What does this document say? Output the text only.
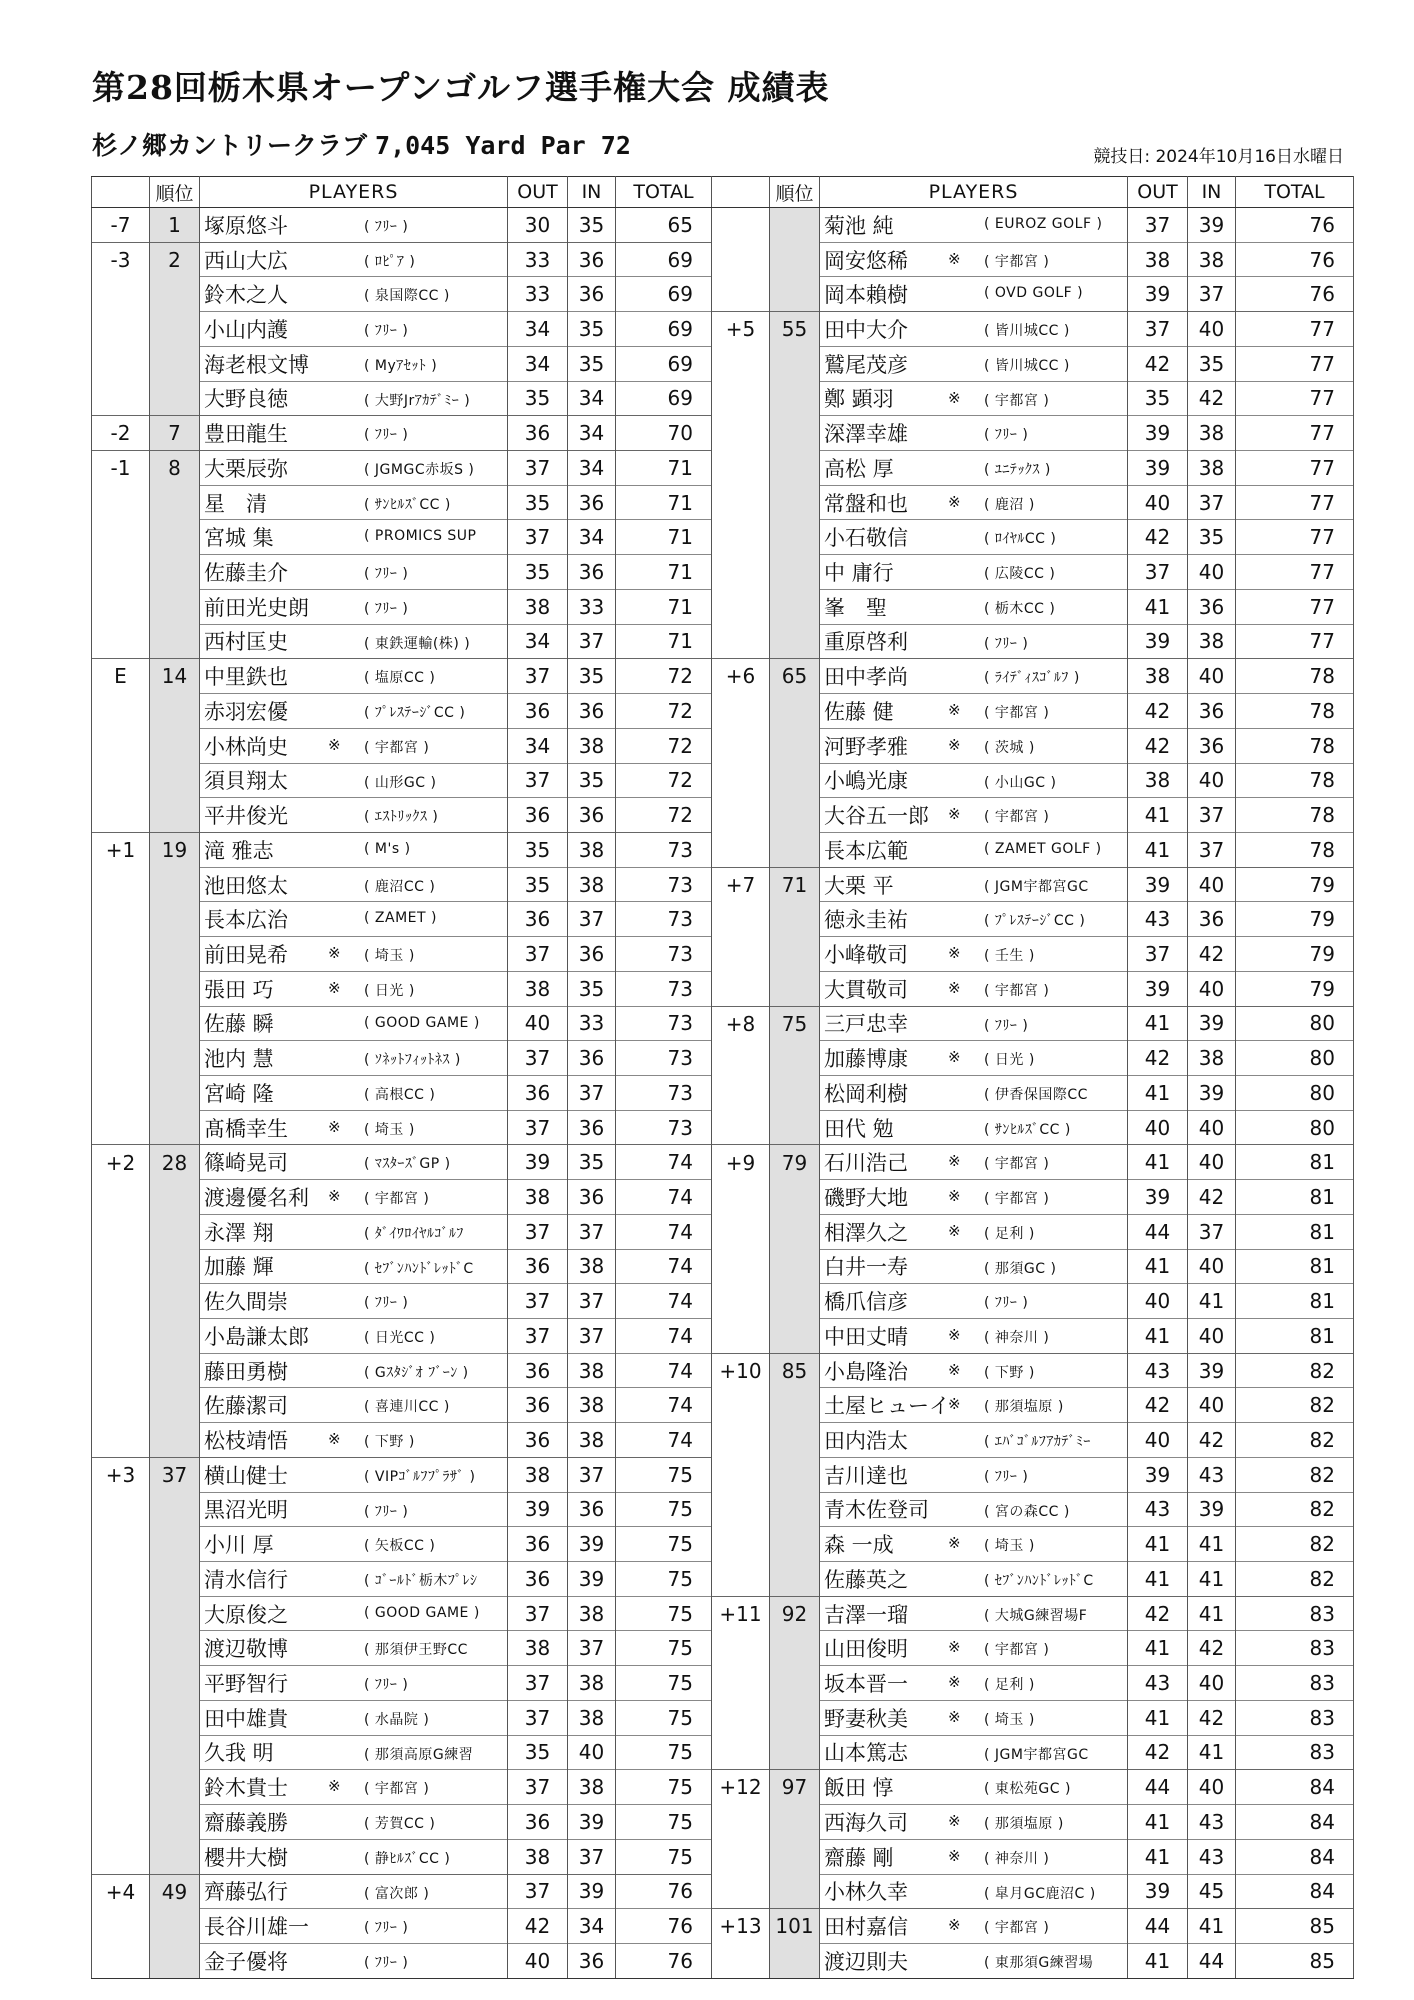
第28回栃木県オープンゴルフ選手権大会 成績表
杉ノ郷カントリークラブ 7,045 Yard Par 72	競技日: 2024年10月16日水曜日
	順位	PLAYERS	OUT	IN	TOTAL		順位	PLAYERS	OUT	IN	TOTAL
-7	1	塚原悠斗 ( ﾌﾘｰ )	30	35	65			菊池 純 ( EUROZ GOLF )	37	39	76
-3	2	西山大広 ( ﾛﾋﾟｱ )	33	36	69			岡安悠稀 ※ ( 宇都宮 )	38	38	76
		鈴木之人 ( 泉国際CC )	33	36	69			岡本賴樹 ( OVD GOLF )	39	37	76
		小山内護 ( ﾌﾘｰ )	34	35	69	+5	55	田中大介 ( 皆川城CC )	37	40	77
		海老根文博 ( Myｱｾｯﾄ )	34	35	69			鷲尾茂彦 ( 皆川城CC )	42	35	77
		大野良徳 ( 大野Jrｱｶﾃﾞﾐｰ )	35	34	69			鄭 顕羽 ※ ( 宇都宮 )	35	42	77
-2	7	豊田龍生 ( ﾌﾘｰ )	36	34	70			深澤幸雄 ( ﾌﾘｰ )	39	38	77
-1	8	大栗辰弥 ( JGMGC赤坂S )	37	34	71			高松 厚 ( ﾕﾆﾃｯｸｽ )	39	38	77
		星　清 ( ｻﾝﾋﾙｽﾞCC )	35	36	71			常盤和也 ※ ( 鹿沼 )	40	37	77
		宮城 集 ( PROMICS SUP	37	34	71			小石敬信 ( ﾛｲﾔﾙCC )	42	35	77
		佐藤圭介 ( ﾌﾘｰ )	35	36	71			中 庸行 ( 広陵CC )	37	40	77
		前田光史朗 ( ﾌﾘｰ )	38	33	71			峯　聖 ( 栃木CC )	41	36	77
		西村匡史 ( 東鉄運輸(株) )	34	37	71			重原啓利 ( ﾌﾘｰ )	39	38	77
E	14	中里鉄也 ( 塩原CC )	37	35	72	+6	65	田中孝尚 ( ﾗｲﾃﾞｨｽｺﾞﾙﾌ )	38	40	78
		赤羽宏優 ( ﾌﾟﾚｽﾃｰｼﾞCC )	36	36	72			佐藤 健 ※ ( 宇都宮 )	42	36	78
		小林尚史 ※ ( 宇都宮 )	34	38	72			河野孝雅 ※ ( 茨城 )	42	36	78
		須貝翔太 ( 山形GC )	37	35	72			小嶋光康 ( 小山GC )	38	40	78
		平井俊光 ( ｴｽﾄﾘｯｸｽ )	36	36	72			大谷五一郎 ※ ( 宇都宮 )	41	37	78
+1	19	滝 雅志 ( M's )	35	38	73			長本広範 ( ZAMET GOLF )	41	37	78
		池田悠太 ( 鹿沼CC )	35	38	73	+7	71	大栗 平 ( JGM宇都宮GC	39	40	79
		長本広治 ( ZAMET )	36	37	73			徳永圭祐 ( ﾌﾟﾚｽﾃｰｼﾞCC )	43	36	79
		前田晃希 ※ ( 埼玉 )	37	36	73			小峰敬司 ※ ( 壬生 )	37	42	79
		張田 巧 ※ ( 日光 )	38	35	73			大貫敬司 ※ ( 宇都宮 )	39	40	79
		佐藤 瞬 ( GOOD GAME )	40	33	73	+8	75	三戸忠幸 ( ﾌﾘｰ )	41	39	80
		池内 慧 ( ｿﾈｯﾄﾌｨｯﾄﾈｽ )	37	36	73			加藤博康 ※ ( 日光 )	42	38	80
		宮崎 隆 ( 高根CC )	36	37	73			松岡利樹 ( 伊香保国際CC	41	39	80
		髙橋幸生 ※ ( 埼玉 )	37	36	73			田代 勉 ( ｻﾝﾋﾙｽﾞCC )	40	40	80
+2	28	篠崎晃司 ( ﾏｽﾀｰｽﾞGP )	39	35	74	+9	79	石川浩己 ※ ( 宇都宮 )	41	40	81
		渡邊優名利 ※ ( 宇都宮 )	38	36	74			磯野大地 ※ ( 宇都宮 )	39	42	81
		永澤 翔 ( ﾀﾞｲﾜﾛｲﾔﾙｺﾞﾙﾌ	37	37	74			相澤久之 ※ ( 足利 )	44	37	81
		加藤 輝 ( ｾﾌﾞﾝﾊﾝﾄﾞﾚｯﾄﾞC	36	38	74			白井一寿 ( 那須GC )	41	40	81
		佐久間崇 ( ﾌﾘｰ )	37	37	74			橋爪信彦 ( ﾌﾘｰ )	40	41	81
		小島謙太郎 ( 日光CC )	37	37	74			中田丈晴 ※ ( 神奈川 )	41	40	81
		藤田勇樹 ( Gｽﾀｼﾞｵ ﾌﾞｰﾝ )	36	38	74	+10	85	小島隆治 ※ ( 下野 )	43	39	82
		佐藤潔司 ( 喜連川CC )	36	38	74			土屋ヒューイ
※ ( 那須塩原 )	42	40	82
		松枝靖悟 ※ ( 下野 )	36	38	74			田内浩太 ( ｴﾊﾞｺﾞﾙﾌｱｶﾃﾞﾐｰ	40	42	82
+3	37	横山健士 ( VIPｺﾞﾙﾌﾌﾟﾗｻﾞ )	38	37	75			吉川達也 ( ﾌﾘｰ )	39	43	82
		黒沼光明 ( ﾌﾘｰ )	39	36	75			青木佐登司 ( 宮の森CC )	43	39	82
		小川 厚 ( 矢板CC )	36	39	75			森 一成 ※ ( 埼玉 )	41	41	82
		清水信行 ( ｺﾞｰﾙﾄﾞ栃木ﾌﾟﾚｼ	36	39	75			佐藤英之 ( ｾﾌﾞﾝﾊﾝﾄﾞﾚｯﾄﾞC	41	41	82
		大原俊之 ( GOOD GAME )	37	38	75	+11	92	吉澤一瑠 ( 大城G練習場F	42	41	83
		渡辺敬博 ( 那須伊王野CC	38	37	75			山田俊明 ※ ( 宇都宮 )	41	42	83
		平野智行 ( ﾌﾘｰ )	37	38	75			坂本晋一 ※ ( 足利 )	43	40	83
		田中雄貴 ( 水晶院 )	37	38	75			野妻秋美 ※ ( 埼玉 )	41	42	83
		久我 明 ( 那須高原G練習	35	40	75			山本篤志 ( JGM宇都宮GC	42	41	83
		鈴木貴士 ※ ( 宇都宮 )	37	38	75	+12	97	飯田 惇 ( 東松苑GC )	44	40	84
		齋藤義勝 ( 芳賀CC )	36	39	75			西海久司 ※ ( 那須塩原 )	41	43	84
		櫻井大樹 ( 静ﾋﾙｽﾞCC )	38	37	75			齋藤 剛 ※ ( 神奈川 )	41	43	84
+4	49	齊藤弘行 ( 富次郎 )	37	39	76			小林久幸 ( 皐月GC鹿沼C )	39	45	84
		長谷川雄一 ( ﾌﾘｰ )	42	34	76	+13	101	田村嘉信 ※ ( 宇都宮 )	44	41	85
		金子優将 ( ﾌﾘｰ )	40	36	76			渡辺則夫 ( 東那須G練習場	41	44	85
